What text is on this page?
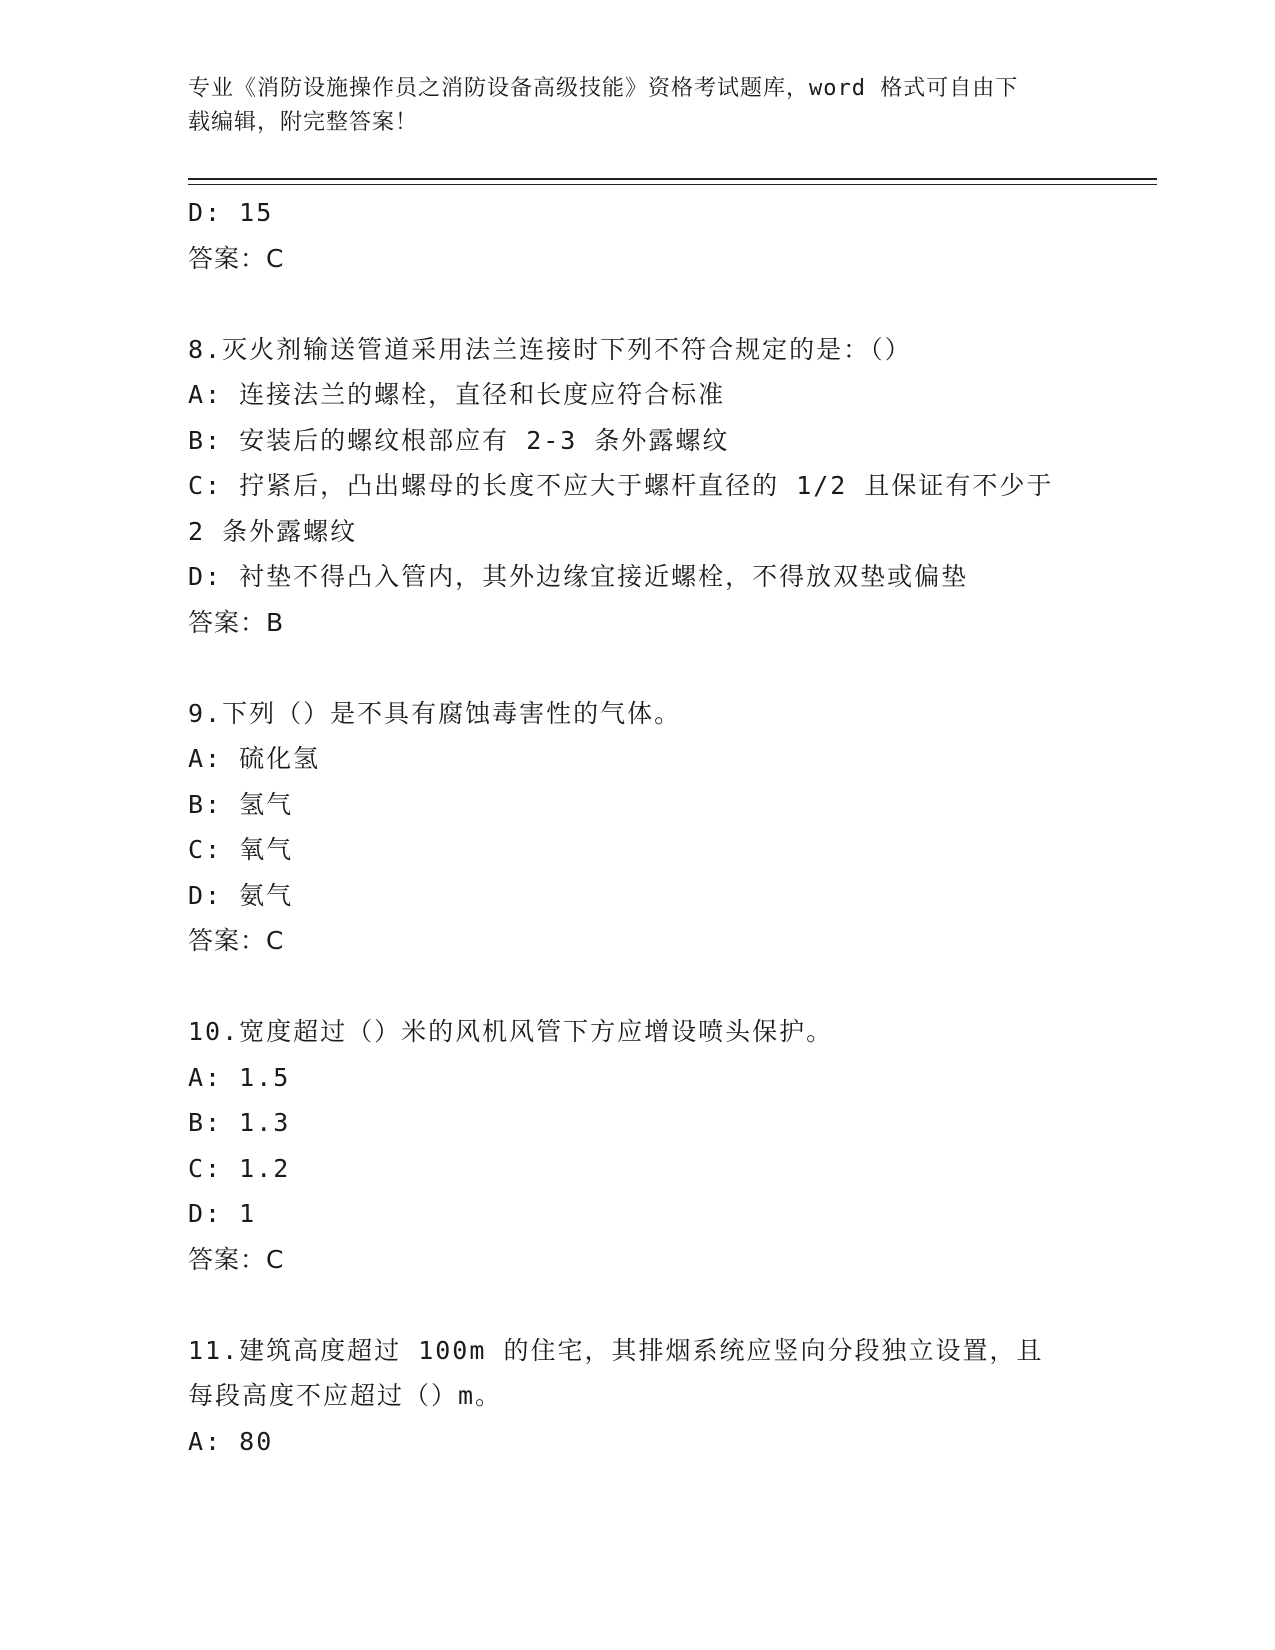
专业《消防设施操作员之消防设备高级技能》资格考试题库，word 格式可自由下
载编辑，附完整答案！
D: 15
答案：C
8.灭火剂输送管道采用法兰连接时下列不符合规定的是：（）
A: 连接法兰的螺栓，直径和长度应符合标准
B: 安装后的螺纹根部应有 2-3 条外露螺纹
C: 拧紧后，凸出螺母的长度不应大于螺杆直径的 1/2 且保证有不少于
2 条外露螺纹
D: 衬垫不得凸入管内，其外边缘宜接近螺栓，不得放双垫或偏垫
答案：B
9.下列（）是不具有腐蚀毒害性的气体。
A: 硫化氢
B: 氢气
C: 氧气
D: 氨气
答案：C
10.宽度超过（）米的风机风管下方应增设喷头保护。
A: 1.5
B: 1.3
C: 1.2
D: 1
答案：C
11.建筑高度超过 100m 的住宅，其排烟系统应竖向分段独立设置，且
每段高度不应超过（）m。
A: 80
